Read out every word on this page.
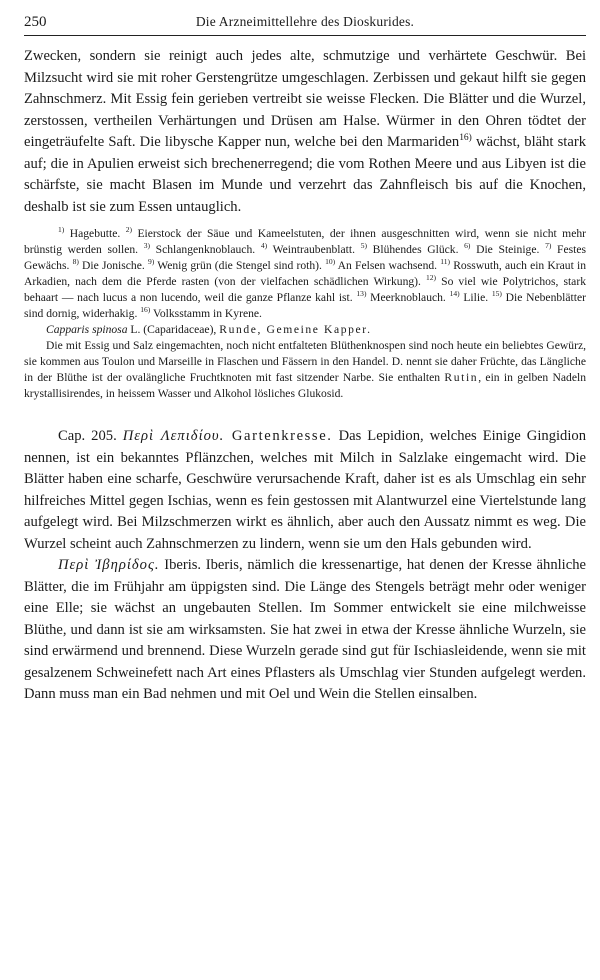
250	Die Arzneimittellehre des Dioskurides.

Zwecken, sondern sie reinigt auch jedes alte, schmutzige und verhärtete Geschwür. Bei Milzsucht wird sie mit roher Gerstengrütze umgeschlagen. Zerbissen und gekaut hilft sie gegen Zahnschmerz. Mit Essig fein gerieben vertreibt sie weisse Flecken. Die Blätter und die Wurzel, zerstossen, vertheilen Verhärtungen und Drüsen am Halse. Würmer in den Ohren tödtet der eingeträufelte Saft. Die libysche Kapper nun, welche bei den Marmariden$^{16)}$ wächst, bläht stark auf; die in Apulien erweist sich brechenerregend; die vom Rothen Meere und aus Libyen ist die schärfste, sie macht Blasen im Munde und verzehrt das Zahnfleisch bis auf die Knochen, deshalb ist sie zum Essen untauglich.

$^{1)}$ Hagebutte. $^{2)}$ Eierstock der Säue und Kameelstuten, der ihnen ausgeschnitten wird, wenn sie nicht mehr brünstig werden sollen. $^{3)}$ Schlangenknoblauch. $^{4)}$ Weintraubenblatt. $^{5)}$ Blühendes Glück. $^{6)}$ Die Steinige. $^{7)}$ Festes Gewächs. $^{8)}$ Die Jonische. $^{9)}$ Wenig grün (die Stengel sind roth). $^{10)}$ An Felsen wachsend. $^{11)}$ Rosswuth, auch ein Kraut in Arkadien, nach dem die Pferde rasten (von der vielfachen schädlichen Wirkung). $^{12)}$ So viel wie Polytrichos, stark behaart — nach lucus a non lucendo, weil die ganze Pflanze kahl ist. $^{13)}$ Meerknoblauch. $^{14)}$ Lilie. $^{15)}$ Die Nebenblätter sind dornig, widerhakig. $^{16)}$ Volksstamm in Kyrene.

Capparis spinosa L. (Caparidaceae), Runde, Gemeine Kapper.

Die mit Essig und Salz eingemachten, noch nicht entfalteten Blüthenknospen sind noch heute ein beliebtes Gewürz, sie kommen aus Toulon und Marseille in Flaschen und Fässern in den Handel. D. nennt sie daher Früchte, das Längliche in der Blüthe ist der ovalängliche Fruchtknoten mit fast sitzender Narbe. Sie enthalten Rutin, ein in gelben Nadeln krystallisirendes, in heissem Wasser und Alkohol lösliches Glukosid.

Cap. 205. Περὶ Λεπιδίου. Gartenkresse. Das Lepidion, welches Einige Gingidion nennen, ist ein bekanntes Pflänzchen, welches mit Milch in Salzlake eingemacht wird. Die Blätter haben eine scharfe, Geschwüre verursachende Kraft, daher ist es als Umschlag ein sehr hilfreiches Mittel gegen Ischias, wenn es fein gestossen mit Alantwurzel eine Viertelstunde lang aufgelegt wird. Bei Milzschmerzen wirkt es ähnlich, aber auch den Aussatz nimmt es weg. Die Wurzel scheint auch Zahnschmerzen zu lindern, wenn sie um den Hals gebunden wird.

Περὶ Ἰβηρίδος. Iberis. Iberis, nämlich die kressenartige, hat denen der Kresse ähnliche Blätter, die im Frühjahr am üppigsten sind. Die Länge des Stengels beträgt mehr oder weniger eine Elle; sie wächst an ungebauten Stellen. Im Sommer entwickelt sie eine milchweisse Blüthe, und dann ist sie am wirksamsten. Sie hat zwei in etwa der Kresse ähnliche Wurzeln, sie sind erwärmend und brennend. Diese Wurzeln gerade sind gut für Ischiasleidende, wenn sie mit gesalzenem Schweinefett nach Art eines Pflasters als Umschlag vier Stunden aufgelegt werden. Dann muss man ein Bad nehmen und mit Oel und Wein die Stellen einsalben.
